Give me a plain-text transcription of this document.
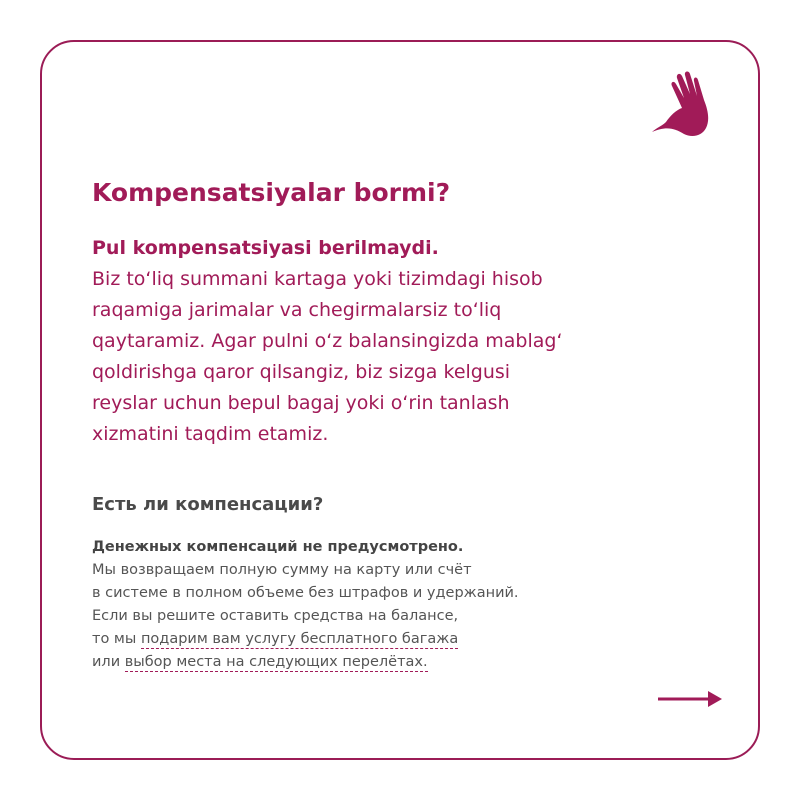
Kompensatsiyalar bormi?

Pul kompensatsiyasi berilmaydi.
Biz toʻliq summani kartaga yoki tizimdagi hisob
raqamiga jarimalar va chegirmalarsiz toʻliq
qaytaramiz. Agar pulni oʻz balansingizda mablagʻ
qoldirishga qaror qilsangiz, biz sizga kelgusi
reyslar uchun bepul bagaj yoki oʻrin tanlash
xizmatini taqdim etamiz.

Есть ли компенсации?

Денежных компенсаций не предусмотрено.
Мы возвращаем полную сумму на карту или счёт
в системе в полном объеме без штрафов и удержаний.
Если вы решите оставить средства на балансе,
то мы подарим вам услугу бесплатного багажа
или выбор места на следующих перелётах.
